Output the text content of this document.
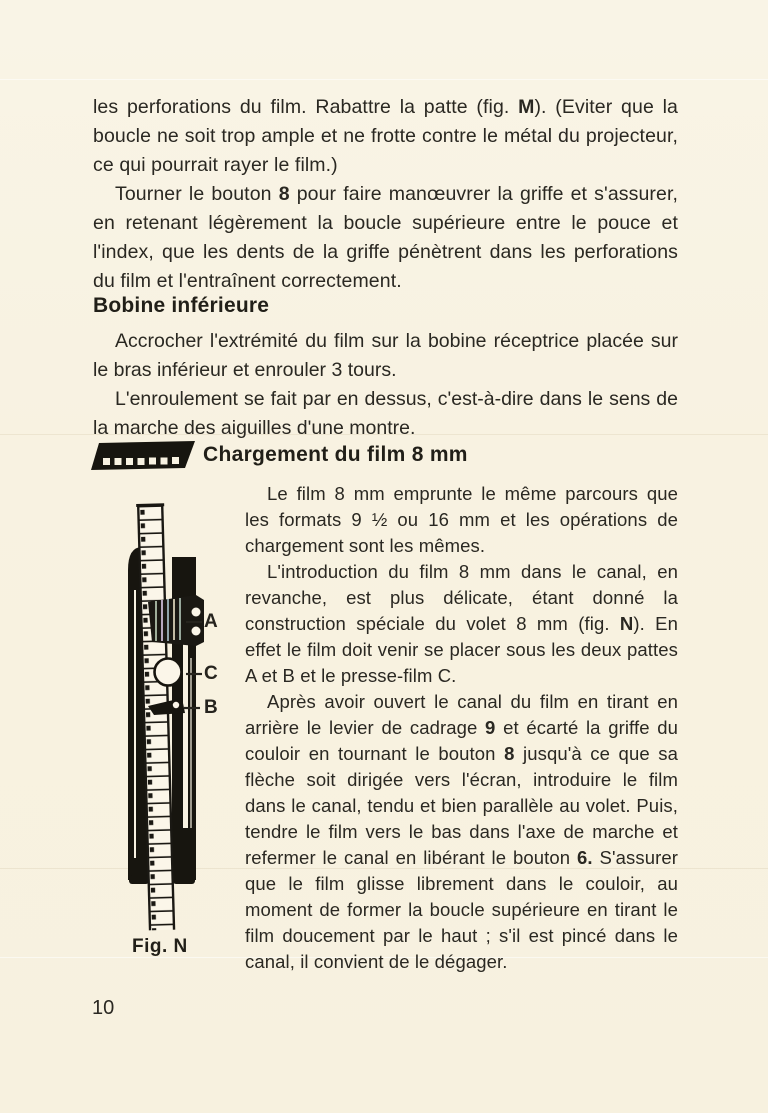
les perforations du film. Rabattre la patte (fig. M). (Eviter que la boucle ne soit trop ample et ne frotte contre le métal du projecteur, ce qui pourrait rayer le film.)

Tourner le bouton 8 pour faire manœuvrer la griffe et s'assurer, en retenant légèrement la boucle supérieure entre le pouce et l'index, que les dents de la griffe pénètrent dans les perforations du film et l'entraînent correctement.

Bobine inférieure

Accrocher l'extrémité du film sur la bobine réceptrice placée sur le bras inférieur et enrouler 3 tours.

L'enroulement se fait par en dessus, c'est-à-dire dans le sens de la marche des aiguilles d'une montre.

Chargement du film 8 mm

Le film 8 mm emprunte le même parcours que les formats 9 ½ ou 16 mm et les opérations de chargement sont les mêmes.

L'introduction du film 8 mm dans le canal, en revanche, est plus délicate, étant donné la construction spéciale du volet 8 mm (fig. N). En effet le film doit venir se placer sous les deux pattes A et B et le presse-film C.

Après avoir ouvert le canal du film en tirant en arrière le levier de cadrage 9 et écarté la griffe du couloir en tournant le bouton 8 jusqu'à ce que sa flèche soit dirigée vers l'écran, introduire le film dans le canal, tendu et bien parallèle au volet. Puis, tendre le film vers le bas dans l'axe de marche et refermer le canal en libérant le bouton 6. S'assurer que le film glisse librement dans le couloir, au moment de former la boucle supérieure en tirant le film doucement par le haut ; s'il est pincé dans le canal, il convient de le dégager.

A
C
B
Fig. N
10
